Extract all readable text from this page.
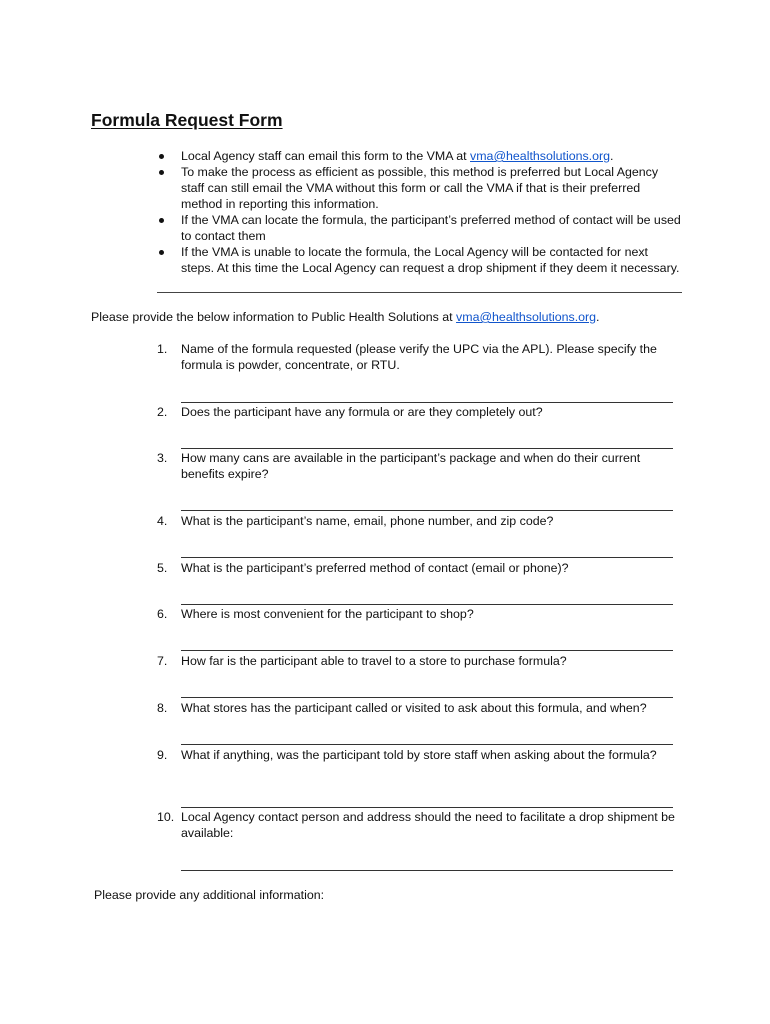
Formula Request Form
Local Agency staff can email this form to the VMA at vma@healthsolutions.org.
To make the process as efficient as possible, this method is preferred but Local Agency staff can still email the VMA without this form or call the VMA if that is their preferred method in reporting this information.
If the VMA can locate the formula, the participant’s preferred method of contact will be used to contact them
If the VMA is unable to locate the formula, the Local Agency will be contacted for next steps. At this time the Local Agency can request a drop shipment if they deem it necessary.
Please provide the below information to Public Health Solutions at vma@healthsolutions.org.
1.	Name of the formula requested (please verify the UPC via the APL). Please specify the formula is powder, concentrate, or RTU.
2.	Does the participant have any formula or are they completely out?
3.	How many cans are available in the participant’s package and when do their current benefits expire?
4.	What is the participant’s name, email, phone number, and zip code?
5.	What is the participant’s preferred method of contact (email or phone)?
6.	Where is most convenient for the participant to shop?
7.	How far is the participant able to travel to a store to purchase formula?
8.	What stores has the participant called or visited to ask about this formula, and when?
9.	What if anything, was the participant told by store staff when asking about the formula?
10. Local Agency contact person and address should the need to facilitate a drop shipment be available:
Please provide any additional information:
